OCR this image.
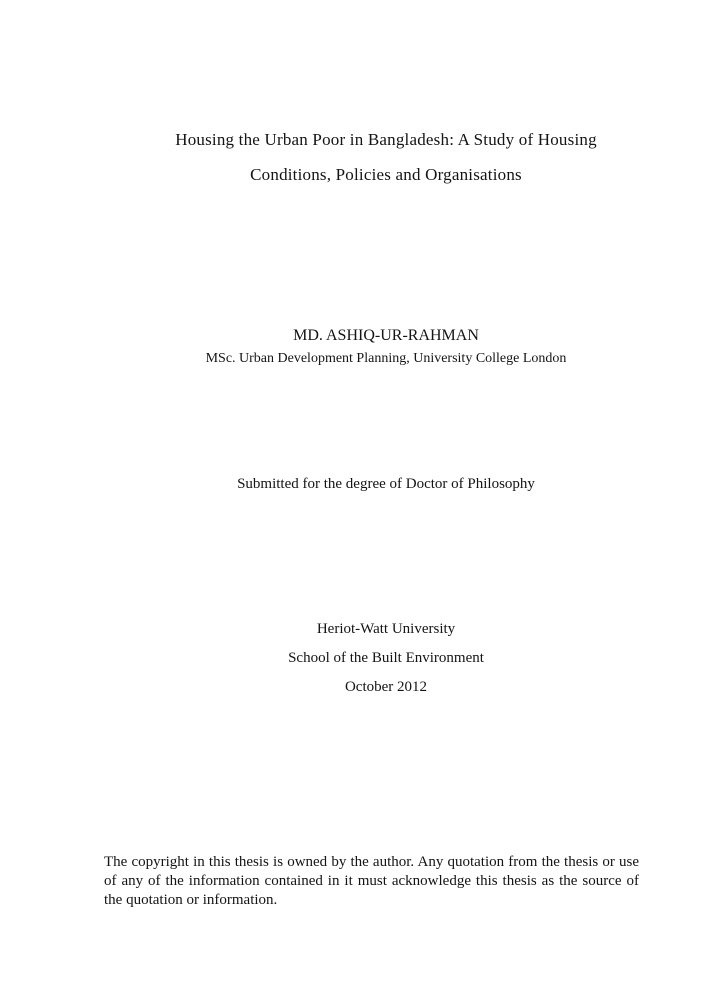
Housing the Urban Poor in Bangladesh: A Study of Housing
Conditions, Policies and Organisations
MD. ASHIQ-UR-RAHMAN
MSc. Urban Development Planning, University College London
Submitted for the degree of Doctor of Philosophy
Heriot-Watt University
School of the Built Environment
October 2012
The copyright in this thesis is owned by the author. Any quotation from the thesis or use of any of the information contained in it must acknowledge this thesis as the source of the quotation or information.
